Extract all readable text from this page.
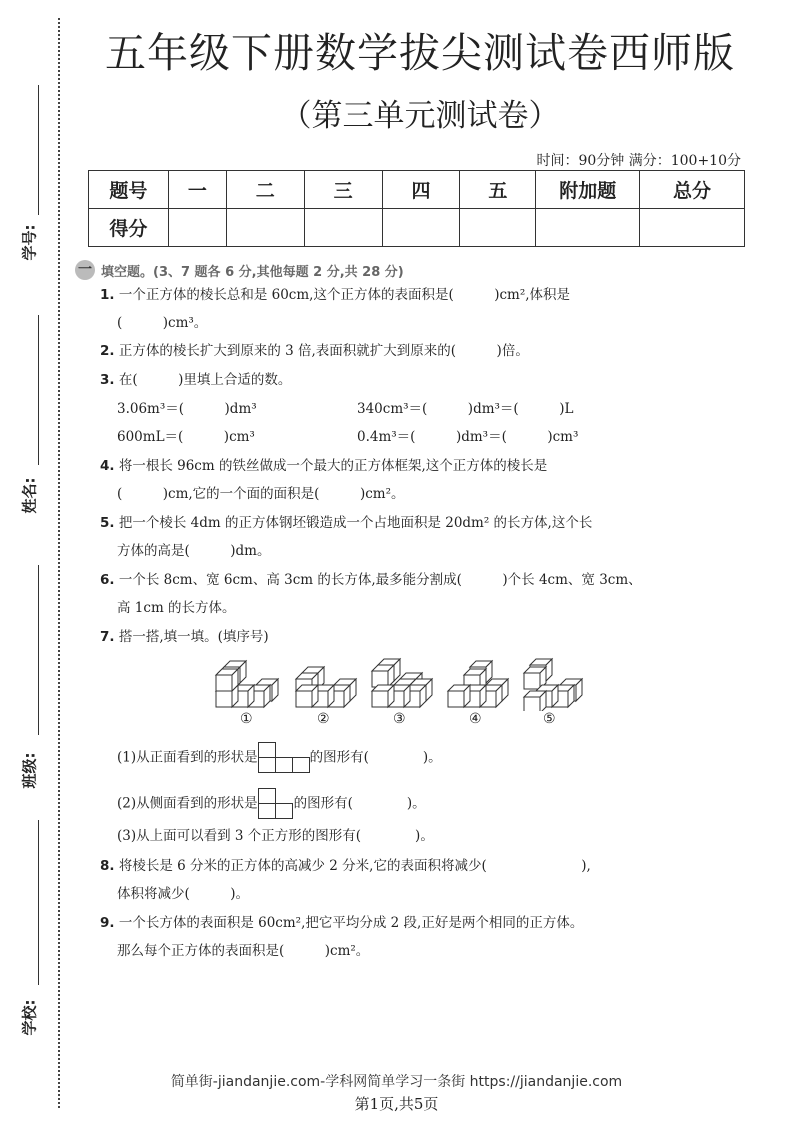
学号:
姓名:
班级:
学校:
五年级下册数学拔尖测试卷西师版
（第三单元测试卷）
时间：90分钟 满分：100+10分
题号	一	二	三	四	五	附加题	总分
得分							
一 填空题。(3、7 题各 6 分,其他每题 2 分,共 28 分)
1. 一个正方体的棱长总和是 60cm,这个正方体的表面积是(　　　)cm²,体积是
(　　　)cm³。
2. 正方体的棱长扩大到原来的 3 倍,表面积就扩大到原来的(　　　)倍。
3. 在(　　　)里填上合适的数。
3.06m³＝(　　　)dm³	340cm³＝(　　　)dm³＝(　　　)L
600mL＝(　　　)cm³	0.4m³＝(　　　)dm³＝(　　　)cm³
4. 将一根长 96cm 的铁丝做成一个最大的正方体框架,这个正方体的棱长是
(　　　)cm,它的一个面的面积是(　　　)cm²。
5. 把一个棱长 4dm 的正方体钢坯锻造成一个占地面积是 20dm² 的长方体,这个长
方体的高是(　　　)dm。
6. 一个长 8cm、宽 6cm、高 3cm 的长方体,最多能分割成(　　　)个长 4cm、宽 3cm、
高 1cm 的长方体。
7. 搭一搭,填一填。(填序号)
①	②	③	④	⑤
(1)从正面看到的形状是	的图形有(　　　　)。
(2)从侧面看到的形状是	的图形有(　　　　)。
(3)从上面可以看到 3 个正方形的图形有(　　　　)。
8. 将棱长是 6 分米的正方体的高减少 2 分米,它的表面积将减少(　　　　　　　),
体积将减少(　　　)。
9. 一个长方体的表面积是 60cm²,把它平均分成 2 段,正好是两个相同的正方体。
那么每个正方体的表面积是(　　　)cm²。
简单街-jiandanjie.com-学科网简单学习一条街 https://jiandanjie.com
第1页,共5页
